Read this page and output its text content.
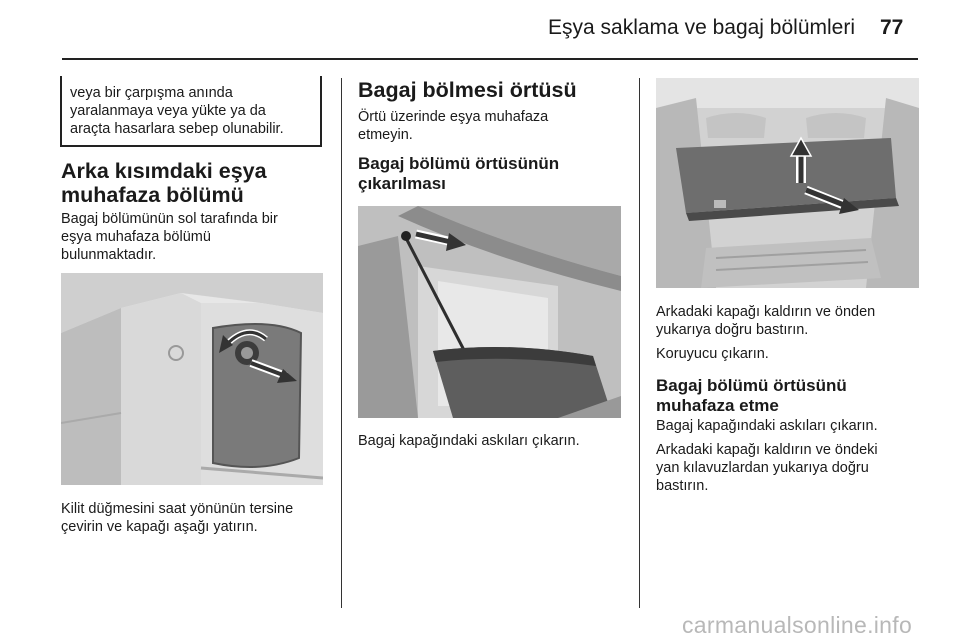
Eşya saklama ve bagaj bölümleri 77
veya bir çarpışma anında
yaralanmaya veya yükte ya da
araçta hasarlara sebep olunabilir.
Arka kısımdaki eşya
muhafaza bölümü
Bagaj bölümünün sol tarafında bir
eşya muhafaza bölümü
bulunmaktadır.
Kilit düğmesini saat yönünün tersine
çevirin ve kapağı aşağı yatırın.
Bagaj bölmesi örtüsü
Örtü üzerinde eşya muhafaza
etmeyin.
Bagaj bölümü örtüsünün
çıkarılması
Bagaj kapağındaki askıları çıkarın.
Arkadaki kapağı kaldırın ve önden
yukarıya doğru bastırın.
Koruyucu çıkarın.
Bagaj bölümü örtüsünü
muhafaza etme
Bagaj kapağındaki askıları çıkarın.
Arkadaki kapağı kaldırın ve öndeki
yan kılavuzlardan yukarıya doğru
bastırın.
carmanualsonline.info
